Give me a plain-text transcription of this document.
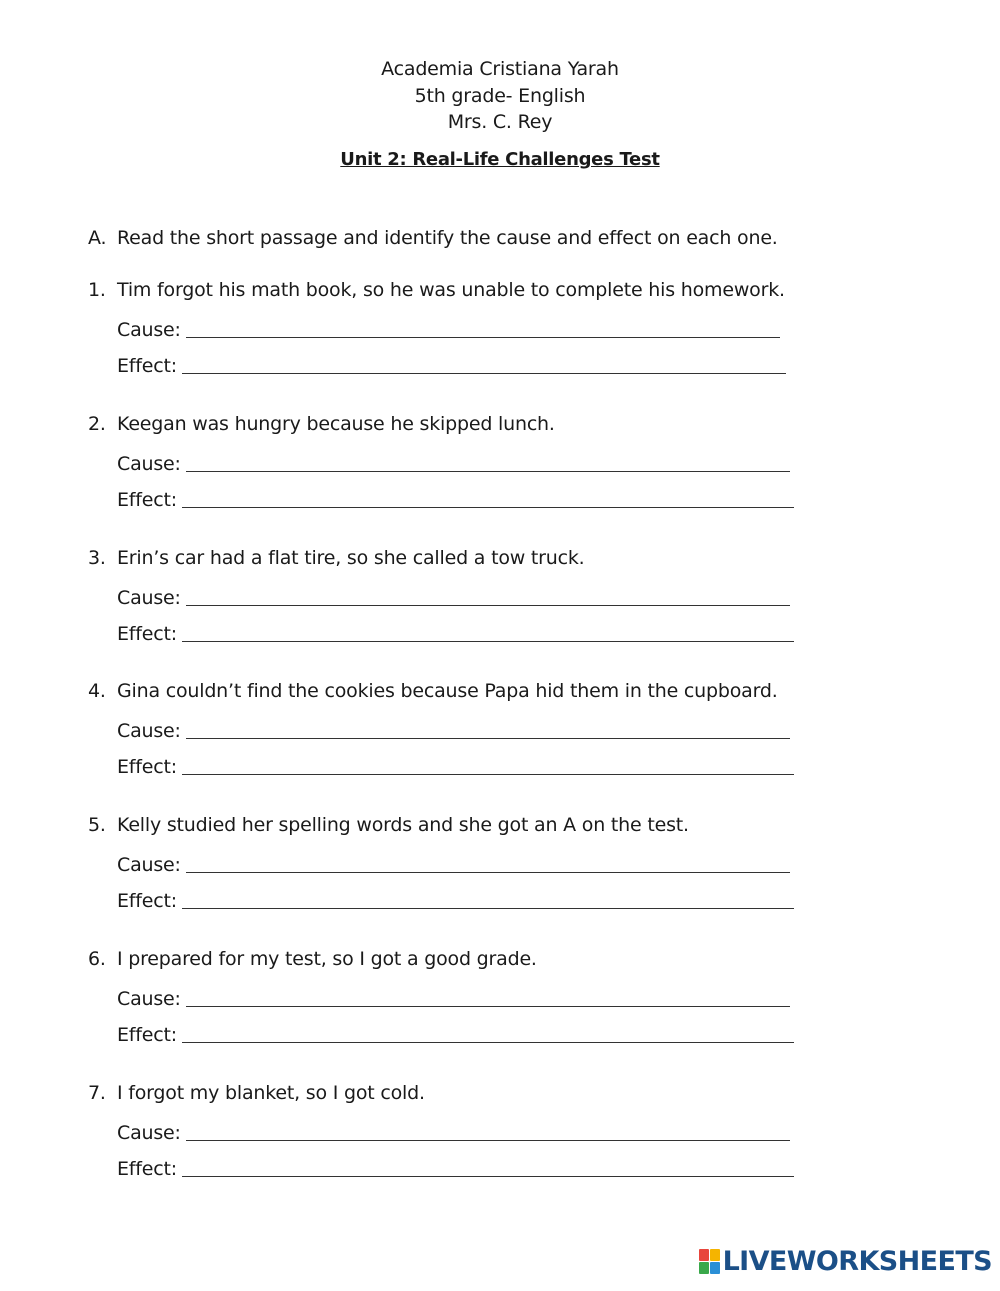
Academia Cristiana Yarah
5th grade- English
Mrs. C. Rey
Unit 2: Real-Life Challenges Test
A. Read the short passage and identify the cause and effect on each one.
1. Tim forgot his math book, so he was unable to complete his homework.
Cause:
Effect:
2. Keegan was hungry because he skipped lunch.
Cause:
Effect:
3. Erin’s car had a flat tire, so she called a tow truck.
Cause:
Effect:
4. Gina couldn’t find the cookies because Papa hid them in the cupboard.
Cause:
Effect:
5. Kelly studied her spelling words and she got an A on the test.
Cause:
Effect:
6. I prepared for my test, so I got a good grade.
Cause:
Effect:
7. I forgot my blanket, so I got cold.
Cause:
Effect:
LIVEWORKSHEETS
